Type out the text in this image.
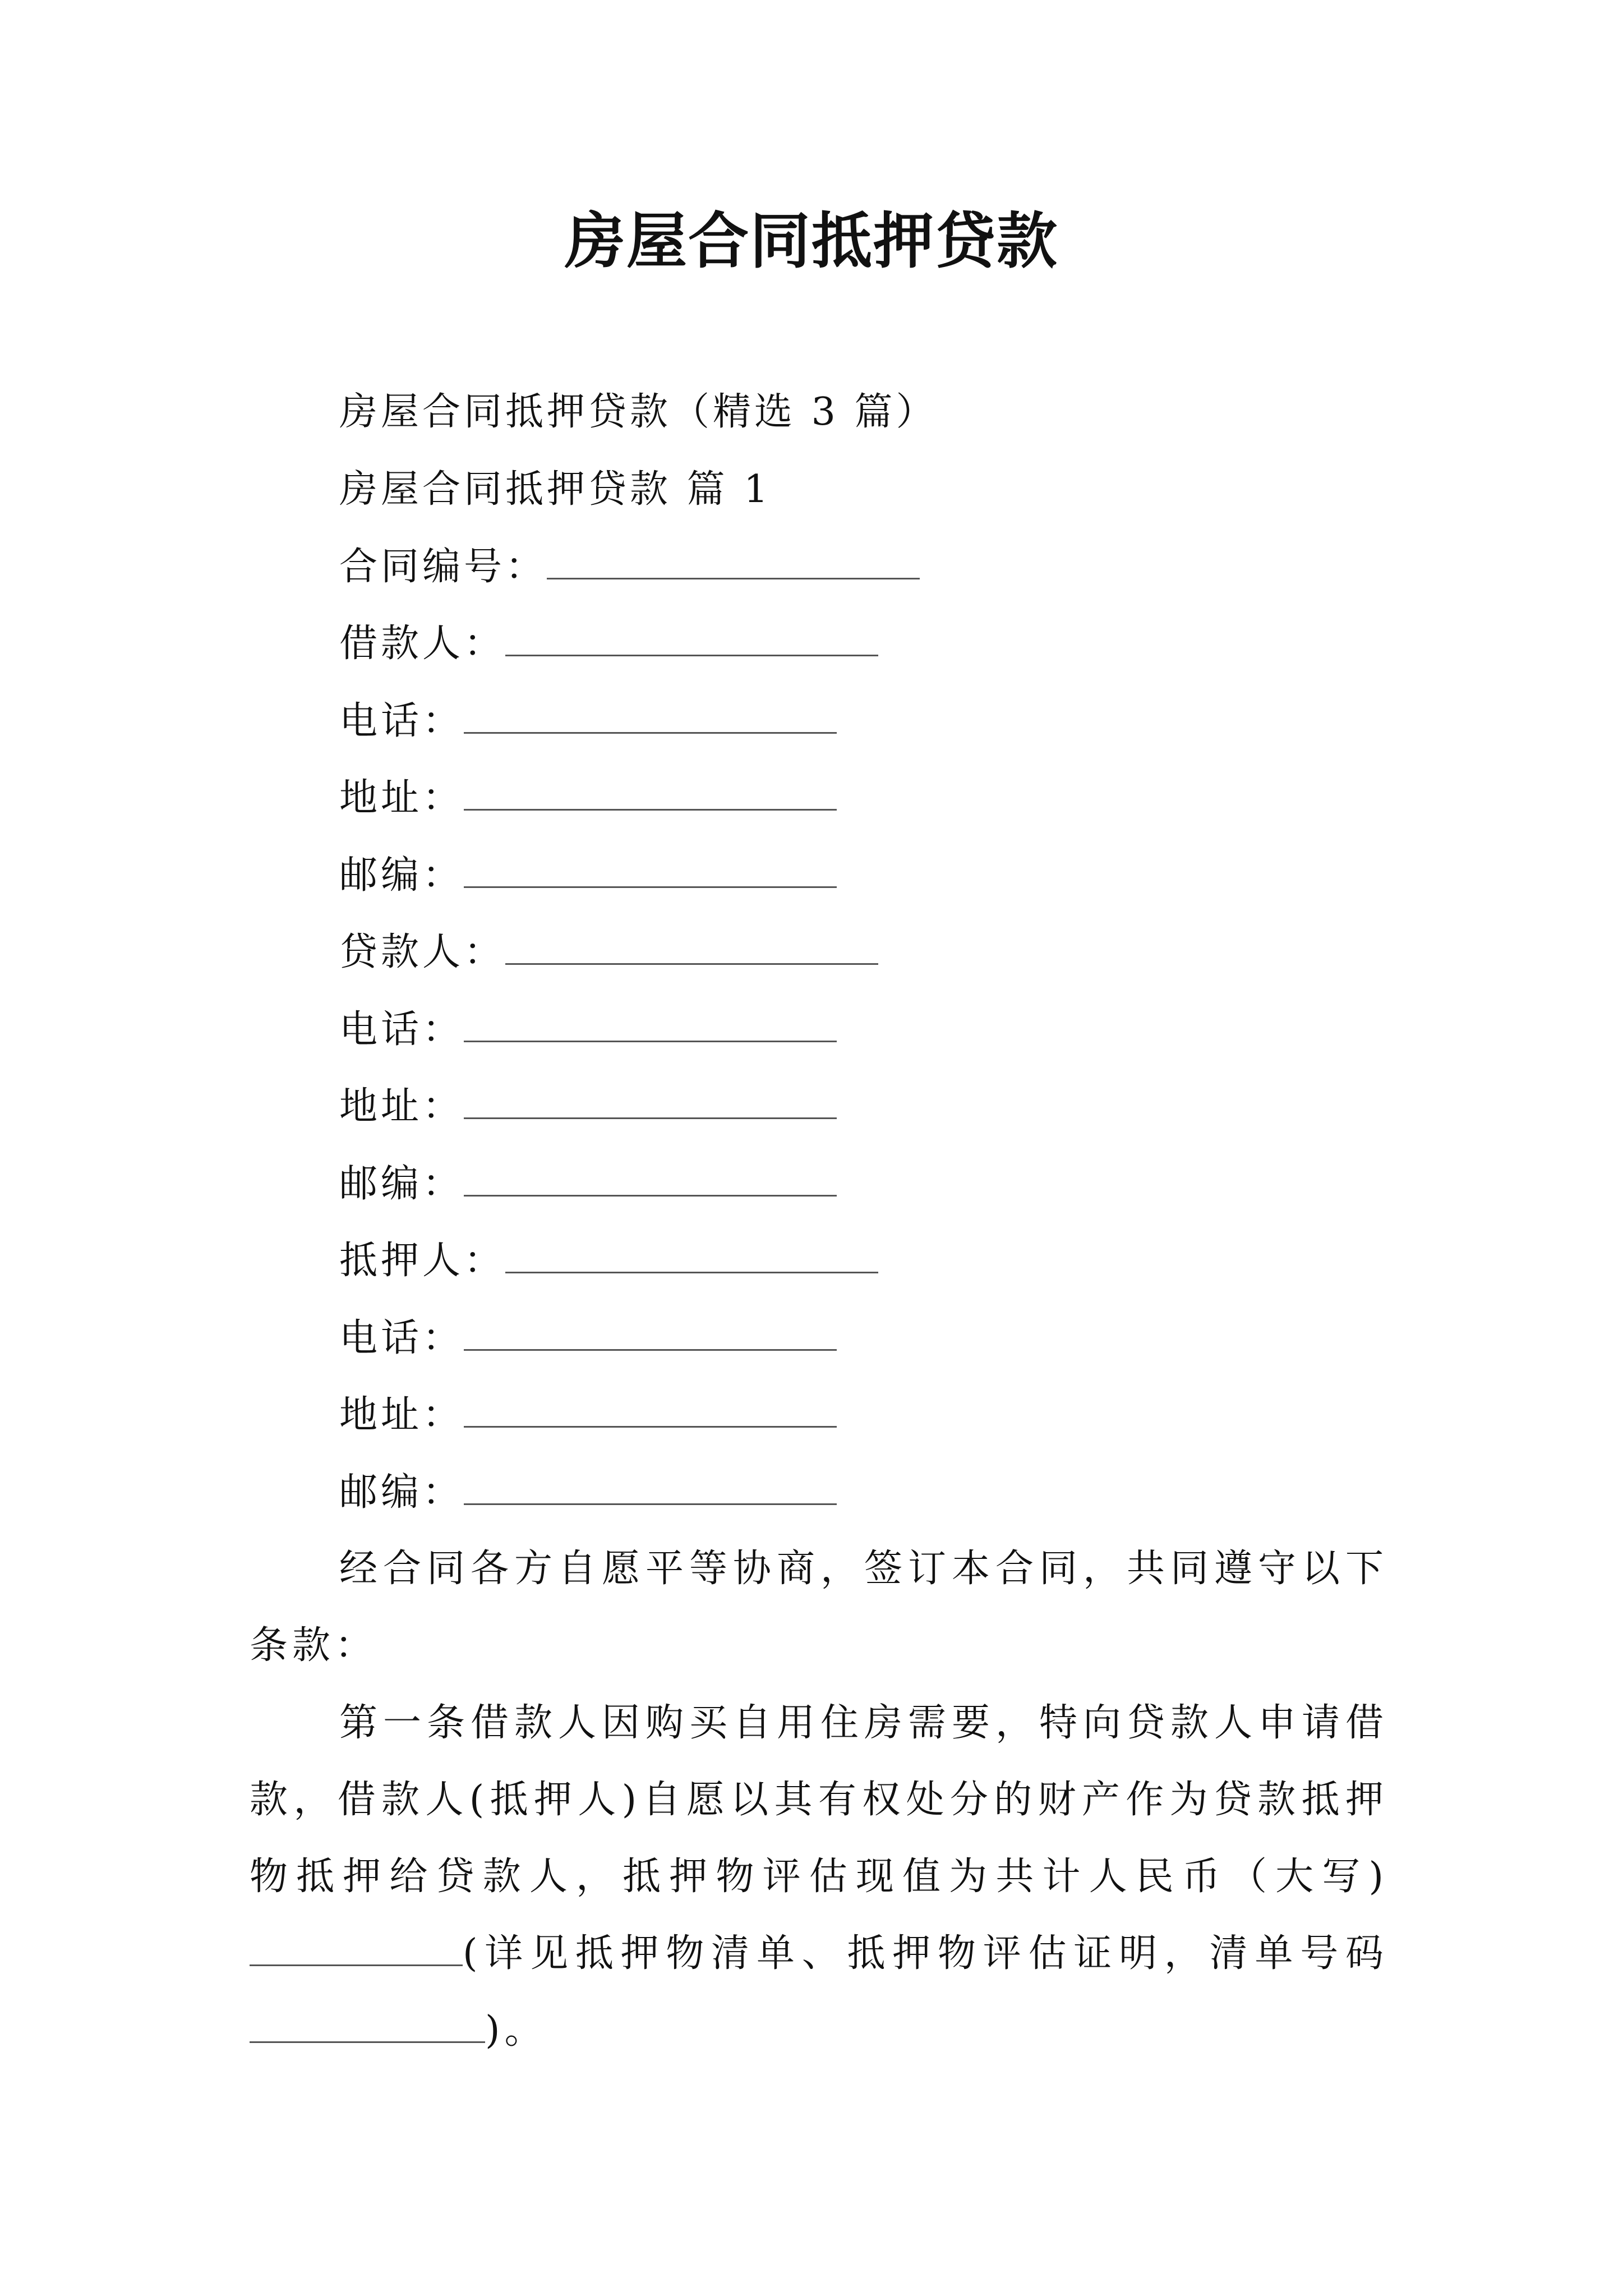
房屋合同抵押贷款
房屋合同抵押贷款（精选 3 篇）
房屋合同抵押贷款 篇 1
合同编号：
借款人：
电话：
地址：
邮编：
贷款人：
电话：
地址：
邮编：
抵押人：
电话：
地址：
邮编：
经合同各方自愿平等协商，签订本合同，共同遵守以下条款：
第一条借款人因购买自用住房需要，特向贷款人申请借款，借款人(抵押人)自愿以其有权处分的财产作为贷款抵押物抵押给贷款人，抵押物评估现值为共计人民币（大写)(详见抵押物清单、抵押物评估证明，清单号码)。
